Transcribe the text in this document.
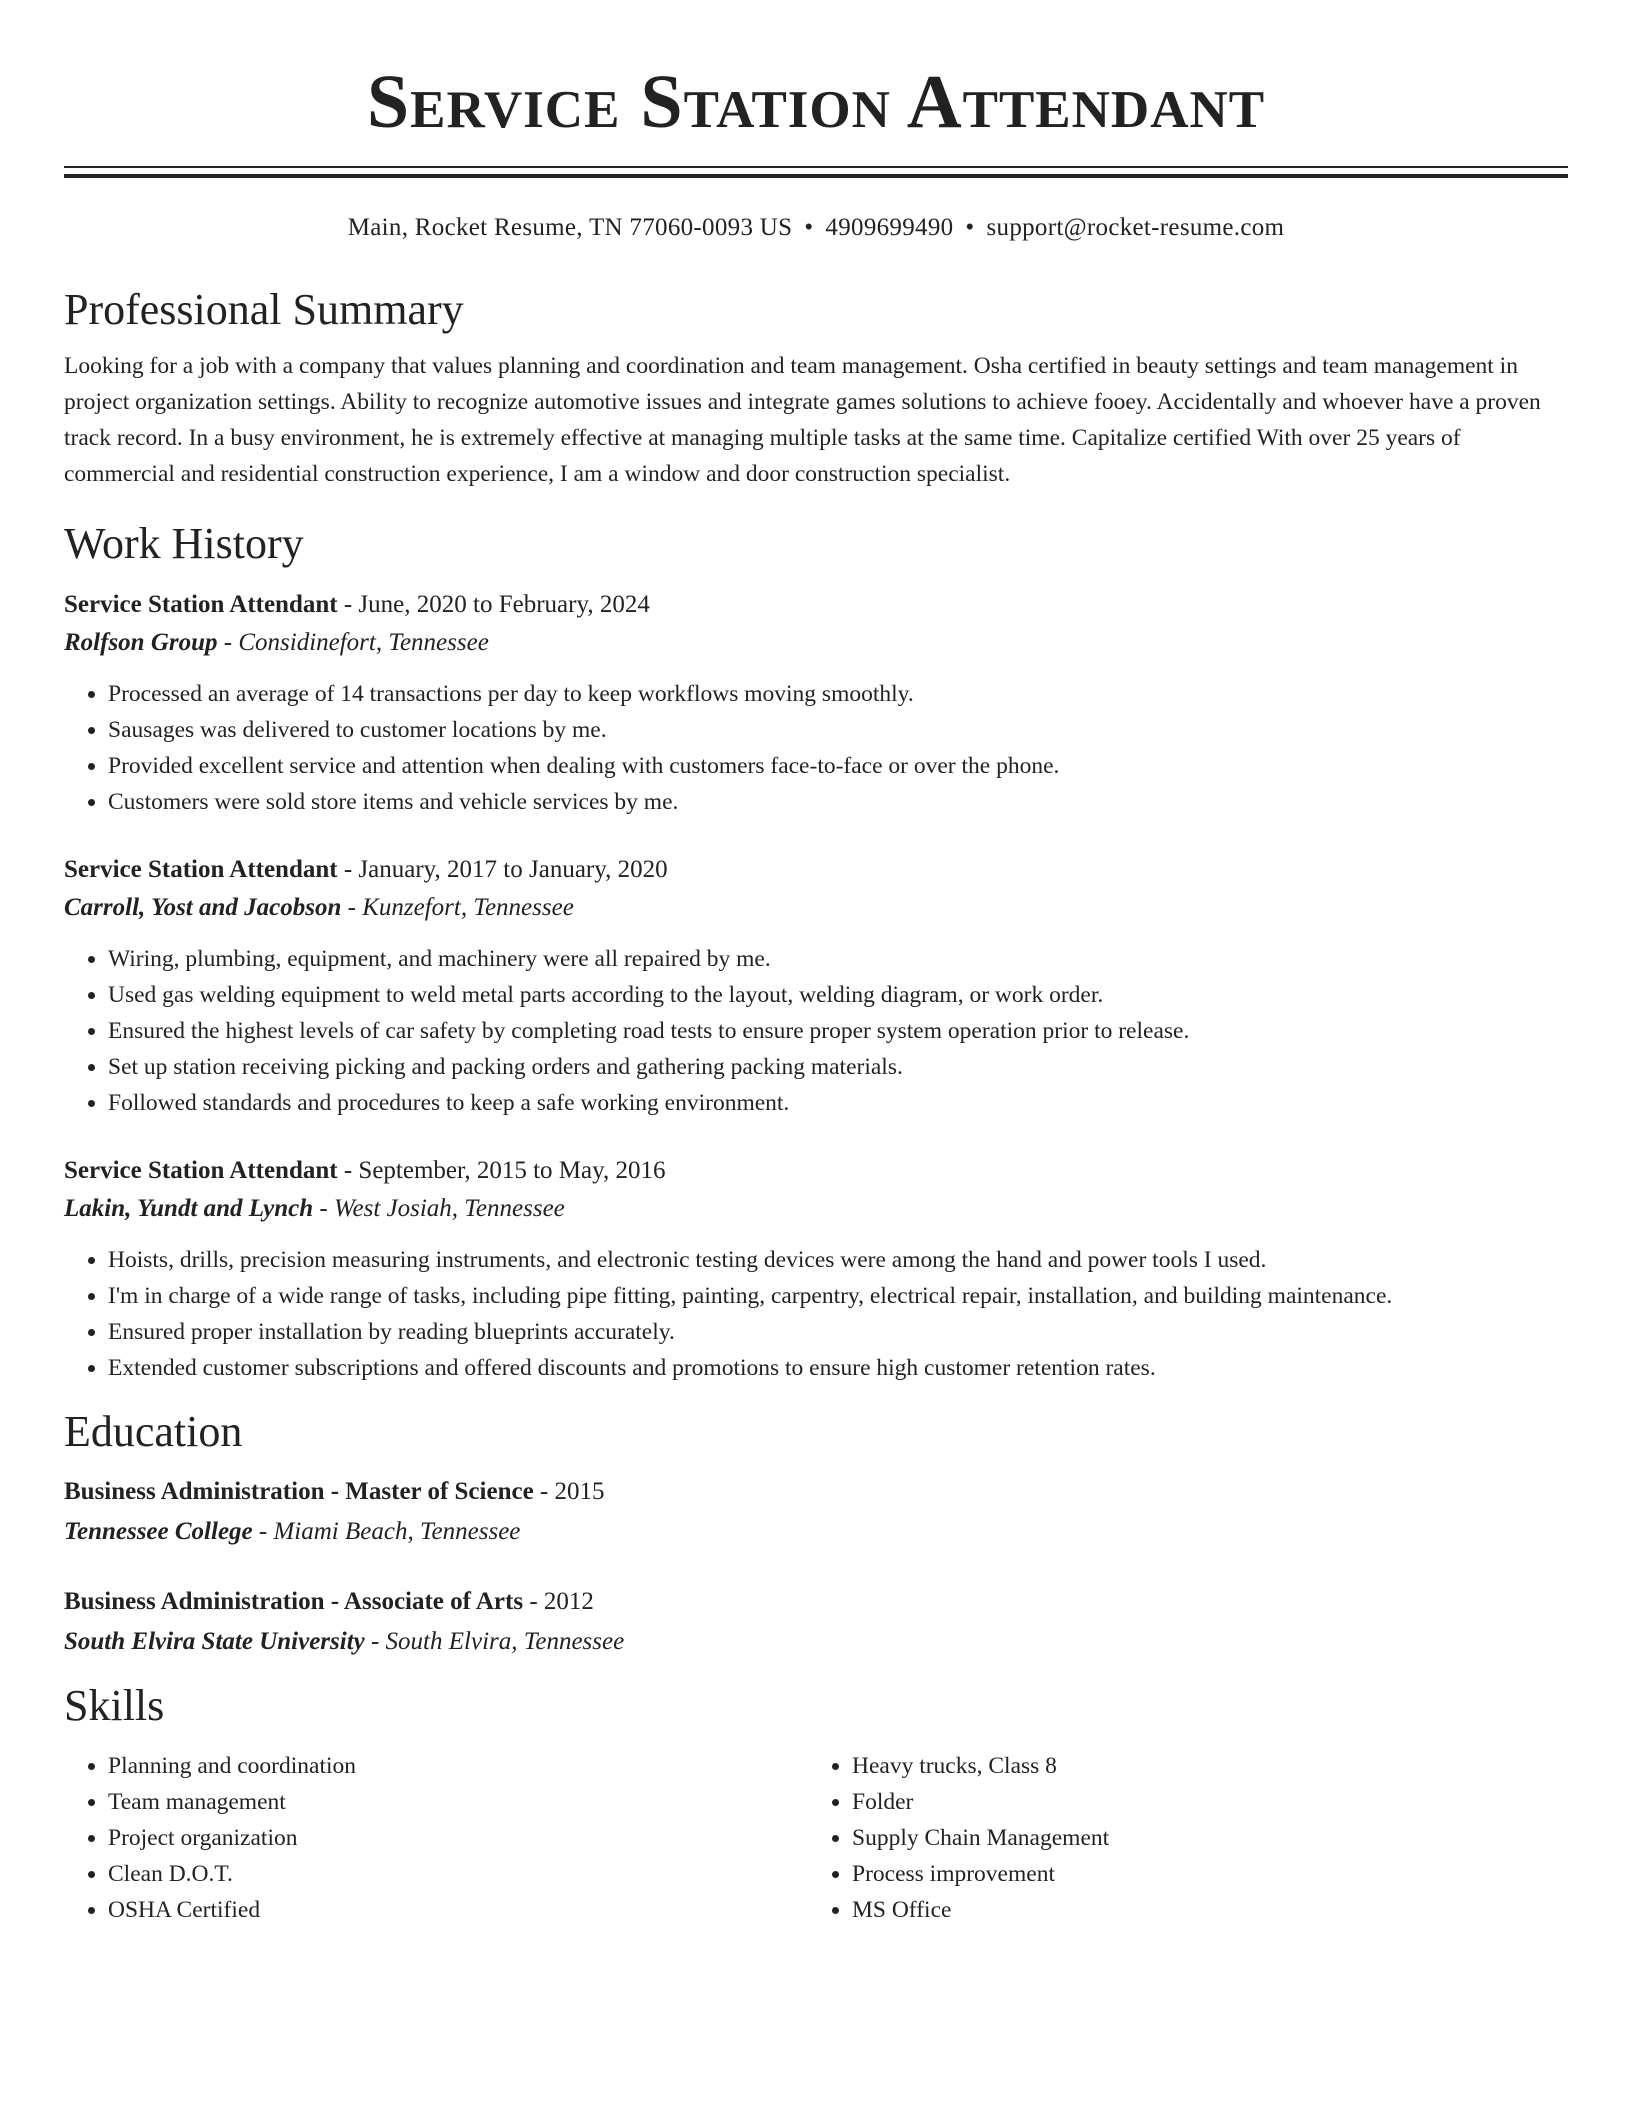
Service Station Attendant
Main, Rocket Resume, TN 77060-0093 US • 4909699490 • support@rocket-resume.com
Professional Summary
Looking for a job with a company that values planning and coordination and team management. Osha certified in beauty settings and team management in project organization settings. Ability to recognize automotive issues and integrate games solutions to achieve fooey. Accidentally and whoever have a proven track record. In a busy environment, he is extremely effective at managing multiple tasks at the same time. Capitalize certified With over 25 years of commercial and residential construction experience, I am a window and door construction specialist.
Work History
Service Station Attendant - June, 2020 to February, 2024
Rolfson Group - Considinefort, Tennessee
• Processed an average of 14 transactions per day to keep workflows moving smoothly.
• Sausages was delivered to customer locations by me.
• Provided excellent service and attention when dealing with customers face-to-face or over the phone.
• Customers were sold store items and vehicle services by me.
Service Station Attendant - January, 2017 to January, 2020
Carroll, Yost and Jacobson - Kunzefort, Tennessee
• Wiring, plumbing, equipment, and machinery were all repaired by me.
• Used gas welding equipment to weld metal parts according to the layout, welding diagram, or work order.
• Ensured the highest levels of car safety by completing road tests to ensure proper system operation prior to release.
• Set up station receiving picking and packing orders and gathering packing materials.
• Followed standards and procedures to keep a safe working environment.
Service Station Attendant - September, 2015 to May, 2016
Lakin, Yundt and Lynch - West Josiah, Tennessee
• Hoists, drills, precision measuring instruments, and electronic testing devices were among the hand and power tools I used.
• I'm in charge of a wide range of tasks, including pipe fitting, painting, carpentry, electrical repair, installation, and building maintenance.
• Ensured proper installation by reading blueprints accurately.
• Extended customer subscriptions and offered discounts and promotions to ensure high customer retention rates.
Education
Business Administration - Master of Science - 2015
Tennessee College - Miami Beach, Tennessee
Business Administration - Associate of Arts - 2012
South Elvira State University - South Elvira, Tennessee
Skills
• Planning and coordination
• Team management
• Project organization
• Clean D.O.T.
• OSHA Certified
• Heavy trucks, Class 8
• Folder
• Supply Chain Management
• Process improvement
• MS Office
